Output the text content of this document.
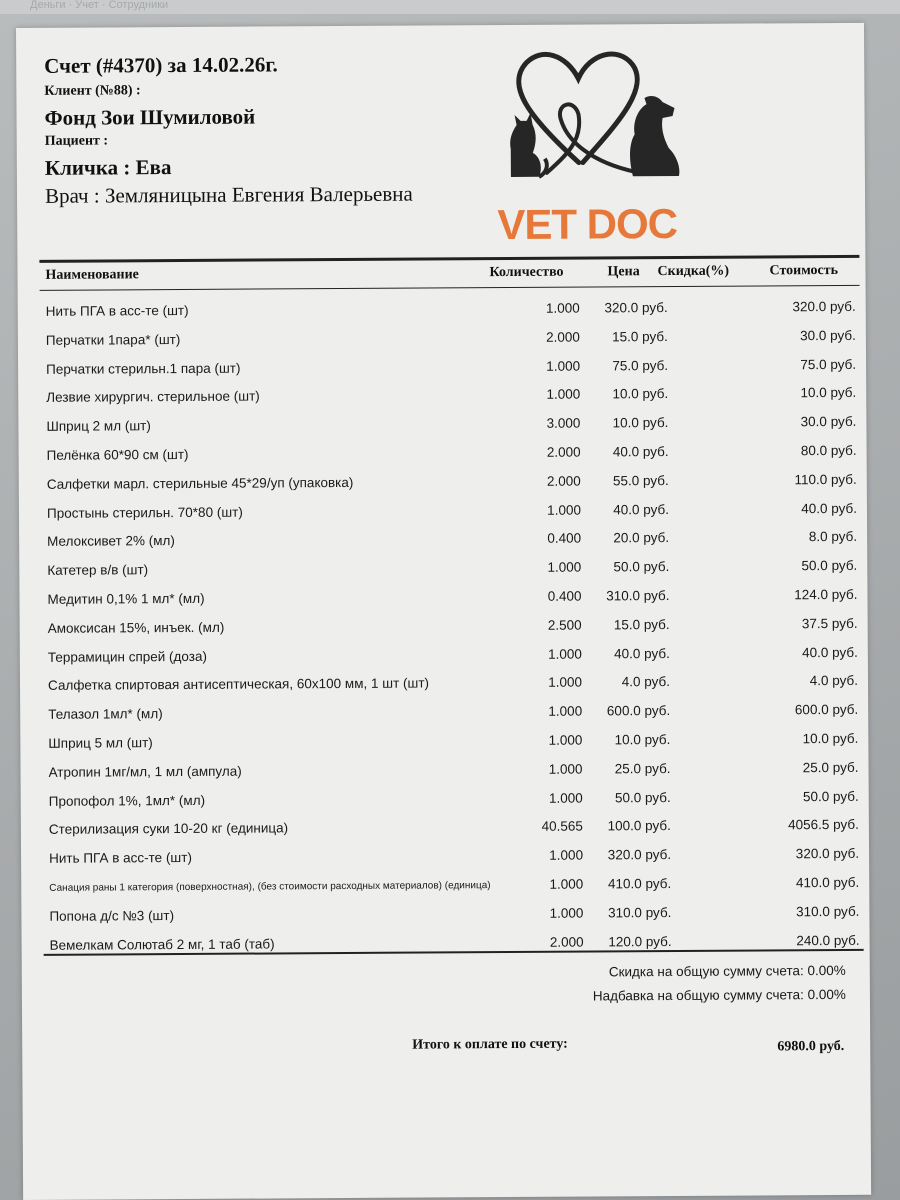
Деньги · Учет · Сотрудники
Счет (#4370) за 14.02.26г.
Клиент (№88) :
Фонд Зои Шумиловой
Пациент :
Кличка : Ева
Врач : Земляницына Евгения Валерьевна
VET DOC
Наименование	Количество	Цена Скидка(%)	Стоимость
Нить ПГА в асс-те (шт)	1.000 320.0 руб.	320.0 руб.
Перчатки 1пара* (шт)	2.000 15.0 руб.	30.0 руб.
Перчатки стерильн.1 пара (шт)	1.000 75.0 руб.	75.0 руб.
Лезвие хирургич. стерильное (шт)	1.000 10.0 руб.	10.0 руб.
Шприц 2 мл (шт)	3.000 10.0 руб.	30.0 руб.
Пелёнка 60*90 см (шт)	2.000 40.0 руб.	80.0 руб.
Салфетки марл. стерильные 45*29/уп (упаковка)	2.000 55.0 руб.	110.0 руб.
Простынь стерильн. 70*80 (шт)	1.000 40.0 руб.	40.0 руб.
Мелоксивет 2% (мл)	0.400 20.0 руб.	8.0 руб.
Катетер в/в (шт)	1.000 50.0 руб.	50.0 руб.
Медитин 0,1% 1 мл* (мл)	0.400 310.0 руб.	124.0 руб.
Амоксисан 15%, инъек. (мл)	2.500 15.0 руб.	37.5 руб.
Террамицин спрей (доза)	1.000 40.0 руб.	40.0 руб.
Салфетка спиртовая антисептическая, 60х100 мм, 1 шт (шт)	1.000	4.0 руб.	4.0 руб.
Телазол 1мл* (мл)	1.000 600.0 руб.	600.0 руб.
Шприц 5 мл (шт)	1.000 10.0 руб.	10.0 руб.
Атропин 1мг/мл, 1 мл (ампула)	1.000 25.0 руб.	25.0 руб.
Пропофол 1%, 1мл* (мл)	1.000 50.0 руб.	50.0 руб.
Стерилизация суки 10-20 кг (единица)	40.565 100.0 руб.	4056.5 руб.
Нить ПГА в асс-те (шт)	1.000 320.0 руб.	320.0 руб.
Санация раны 1 категория (поверхностная), (без стоимости расходных материалов) (единица)	1.000 410.0 руб.	410.0 руб.
Попона д/с №3 (шт)	1.000 310.0 руб.	310.0 руб.
Вемелкам Солютаб 2 мг, 1 таб (таб)	2.000 120.0 руб.	240.0 руб.
Скидка на общую сумму счета: 0.00%
Надбавка на общую сумму счета: 0.00%
Итого к оплате по счету:	6980.0 руб.
